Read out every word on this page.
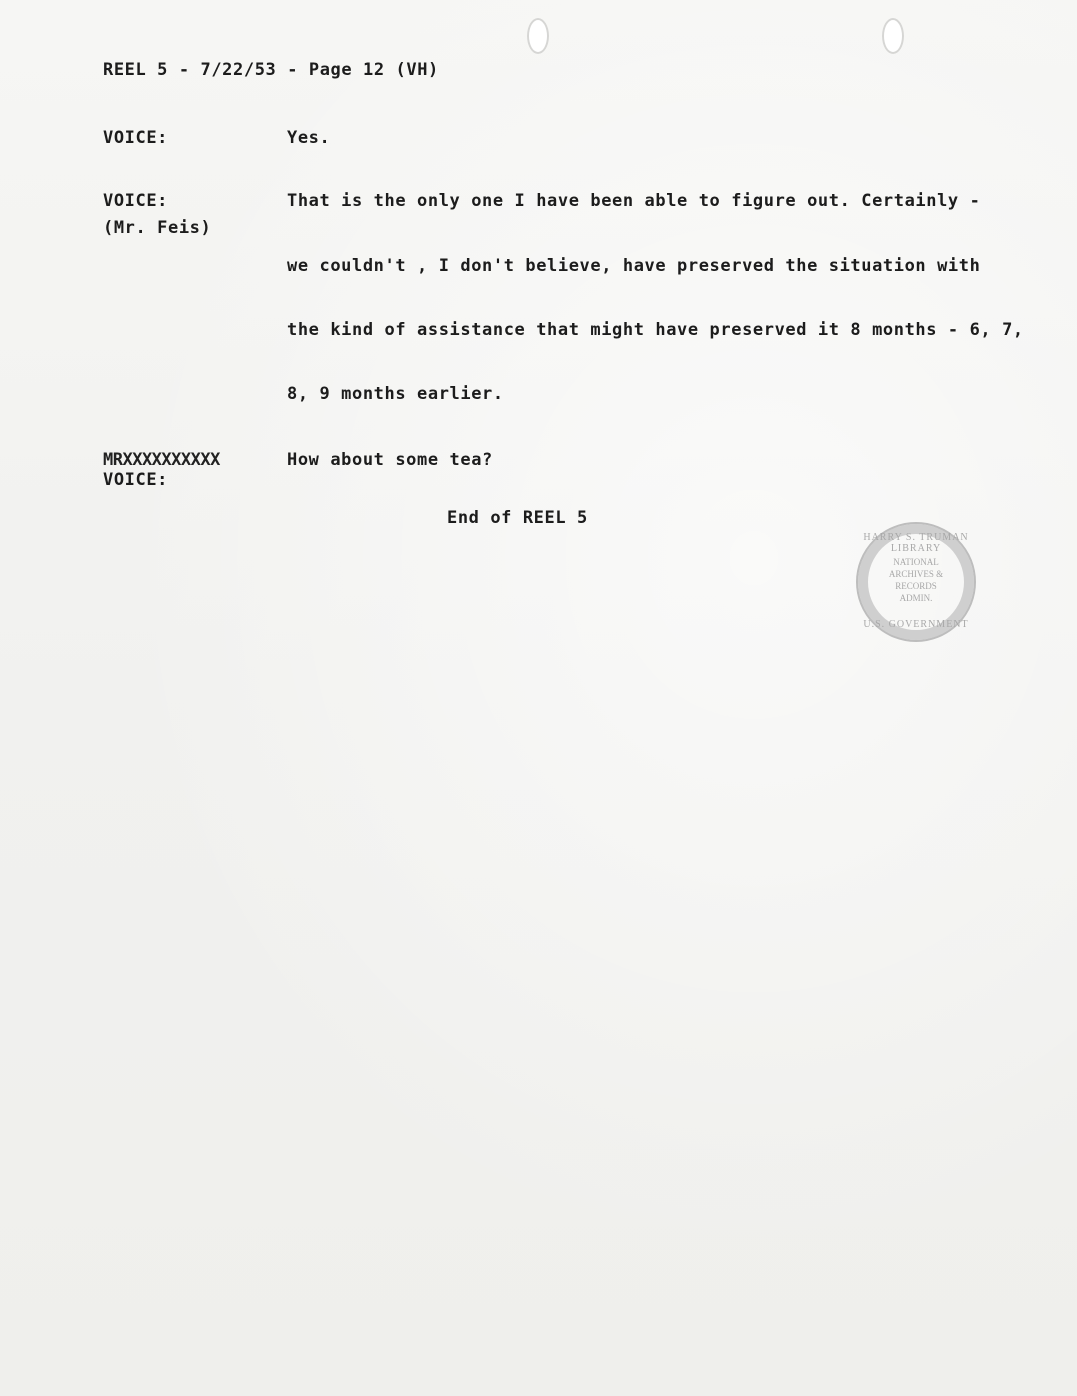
REEL 5 - 7/22/53 - Page 12 (VH)
VOICE:	Yes.
VOICE:
(Mr. Feis)
That is the only one I have been able to figure out. Certainly -
we couldn't , I don't believe, have preserved the situation with
the kind of assistance that might have preserved it 8 months - 6, 7,
8, 9 months earlier.
MRXXXXXXXXXX
VOICE:
How about some tea?
End of REEL 5
HARRY S. TRUMAN LIBRARY
NATIONAL
ARCHIVES &
RECORDS
ADMIN.
U.S. GOVERNMENT
